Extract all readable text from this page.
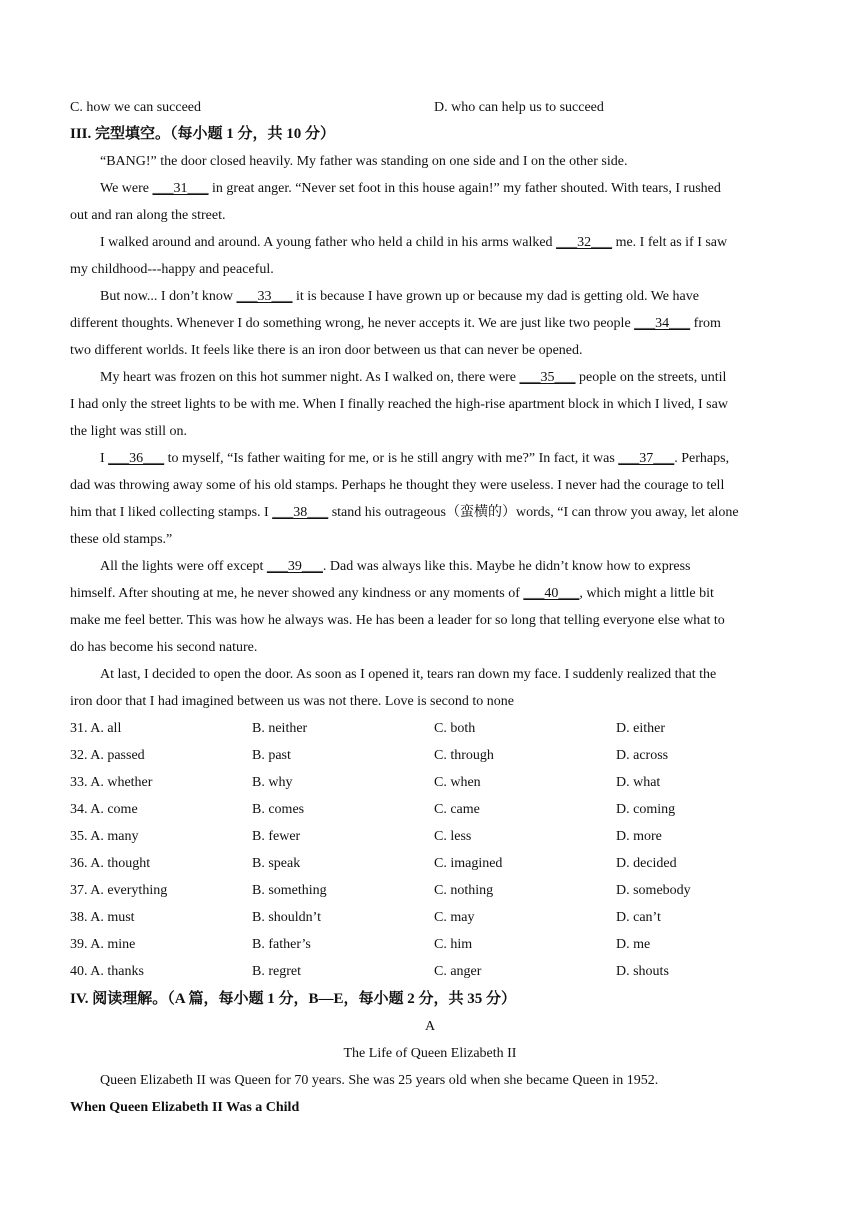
C. how we can succeed	D. who can help us to succeed
III. 完型填空。（每小题 1 分，共 10 分）
“BANG!” the door closed heavily. My father was standing on one side and I on the other side.
We were ___31___ in great anger. “Never set foot in this house again!” my father shouted. With tears, I rushed
out and ran along the street.
I walked around and around. A young father who held a child in his arms walked ___32___ me. I felt as if I saw
my childhood---happy and peaceful.
But now... I don’t know ___33___ it is because I have grown up or because my dad is getting old. We have
different thoughts. Whenever I do something wrong, he never accepts it. We are just like two people ___34___ from
two different worlds. It feels like there is an iron door between us that can never be opened.
My heart was frozen on this hot summer night. As I walked on, there were ___35___ people on the streets, until
I had only the street lights to be with me. When I finally reached the high-rise apartment block in which I lived, I saw
the light was still on.
I ___36___ to myself, “Is father waiting for me, or is he still angry with me?” In fact, it was ___37___. Perhaps,
dad was throwing away some of his old stamps. Perhaps he thought they were useless. I never had the courage to tell
him that I liked collecting stamps. I ___38___ stand his outrageous（蛮横的）words, “I can throw you away, let alone
these old stamps.”
All the lights were off except ___39___. Dad was always like this. Maybe he didn’t know how to express
himself. After shouting at me, he never showed any kindness or any moments of ___40___, which might a little bit
make me feel better. This was how he always was. He has been a leader for so long that telling everyone else what to
do has become his second nature.
At last, I decided to open the door. As soon as I opened it, tears ran down my face. I suddenly realized that the
iron door that I had imagined between us was not there. Love is second to none
31. A. all	B. neither	C. both	D. either
32. A. passed	B. past	C. through	D. across
33. A. whether	B. why	C. when	D. what
34. A. come	B. comes	C. came	D. coming
35. A. many	B. fewer	C. less	D. more
36. A. thought	B. speak	C. imagined	D. decided
37. A. everything	B. something	C. nothing	D. somebody
38. A. must	B. shouldn’t	C. may	D. can’t
39. A. mine	B. father’s	C. him	D. me
40. A. thanks	B. regret	C. anger	D. shouts
IV. 阅读理解。（A 篇，每小题 1 分，B—E，每小题 2 分，共 35 分）
A
The Life of Queen Elizabeth II
Queen Elizabeth II was Queen for 70 years. She was 25 years old when she became Queen in 1952.
When Queen Elizabeth II Was a Child
